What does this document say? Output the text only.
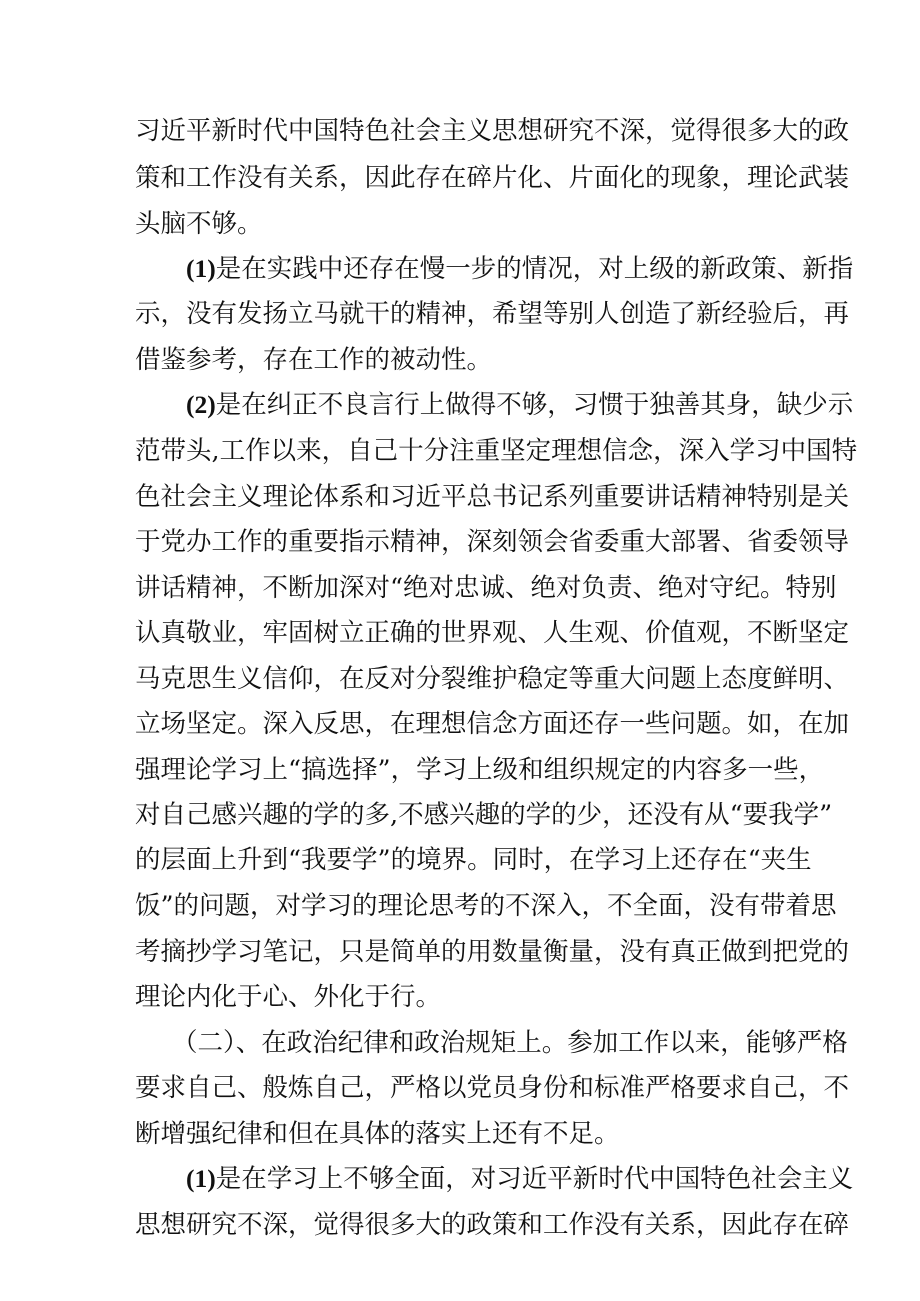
习近平新时代中国特色社会主义思想研究不深，觉得很多大的政
策和工作没有关系，因此存在碎片化、片面化的现象，理论武装
头脑不够。
(1)是在实践中还存在慢一步的情况，对上级的新政策、新指
示，没有发扬立马就干的精神，希望等别人创造了新经验后，再
借鉴参考，存在工作的被动性。
(2)是在纠正不良言行上做得不够，习惯于独善其身，缺少示
范带头,工作以来，自己十分注重坚定理想信念，深入学习中国特
色社会主义理论体系和习近平总书记系列重要讲话精神特别是关
于党办工作的重要指示精神，深刻领会省委重大部署、省委领导
讲话精神，不断加深对“绝对忠诚、绝对负责、绝对守纪。特别
认真敬业，牢固树立正确的世界观、人生观、价值观，不断坚定
马克思生义信仰，在反对分裂维护稳定等重大问题上态度鲜明、
立场坚定。深入反思，在理想信念方面还存一些问题。如，在加
强理论学习上“搞选择”，学习上级和组织规定的内容多一些，
对自己感兴趣的学的多,不感兴趣的学的少，还没有从“要我学”
的层面上升到“我要学”的境界。同时，在学习上还存在“夹生
饭”的问题，对学习的理论思考的不深入，不全面，没有带着思
考摘抄学习笔记，只是简单的用数量衡量，没有真正做到把党的
理论内化于心、外化于行。
（二）、在政治纪律和政治规矩上。参加工作以来，能够严格
要求自己、般炼自己，严格以党员身份和标准严格要求自己，不
断增强纪律和但在具体的落实上还有不足。
(1)是在学习上不够全面，对习近平新时代中国特色社会主义
思想研究不深，觉得很多大的政策和工作没有关系，因此存在碎
